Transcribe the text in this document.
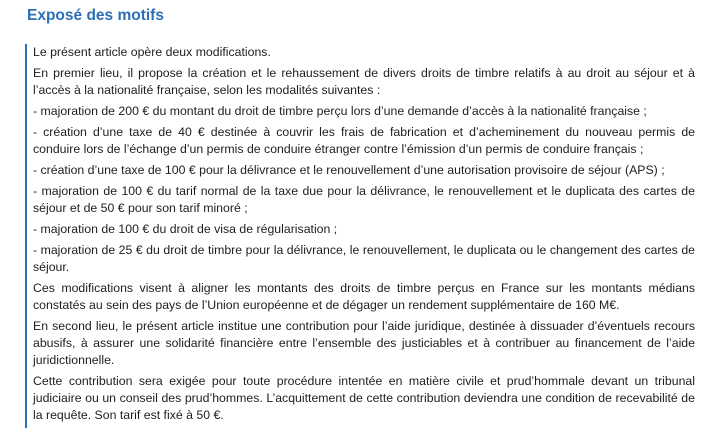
Exposé des motifs

Le présent article opère deux modifications.

En premier lieu, il propose la création et le rehaussement de divers droits de timbre relatifs à au droit au séjour et à l’accès à la nationalité française, selon les modalités suivantes :

- majoration de 200 € du montant du droit de timbre perçu lors d’une demande d’accès à la nationalité française ;

- création d’une taxe de 40 € destinée à couvrir les frais de fabrication et d’acheminement du nouveau permis de conduire lors de l’échange d’un permis de conduire étranger contre l’émission d’un permis de conduire français ;

- création d’une taxe de 100 € pour la délivrance et le renouvellement d’une autorisation provisoire de séjour (APS) ;

- majoration de 100 € du tarif normal de la taxe due pour la délivrance, le renouvellement et le duplicata des cartes de séjour et de 50 € pour son tarif minoré ;

- majoration de 100 € du droit de visa de régularisation ;

- majoration de 25 € du droit de timbre pour la délivrance, le renouvellement, le duplicata ou le changement des cartes de séjour.

Ces modifications visent à aligner les montants des droits de timbre perçus en France sur les montants médians constatés au sein des pays de l’Union européenne et de dégager un rendement supplémentaire de 160 M€.

En second lieu, le présent article institue une contribution pour l’aide juridique, destinée à dissuader d’éventuels recours abusifs, à assurer une solidarité financière entre l’ensemble des justiciables et à contribuer au financement de l’aide juridictionnelle.

Cette contribution sera exigée pour toute procédure intentée en matière civile et prud’hommale devant un tribunal judiciaire ou un conseil des prud’hommes. L’acquittement de cette contribution deviendra une condition de recevabilité de la requête. Son tarif est fixé à 50 €.
